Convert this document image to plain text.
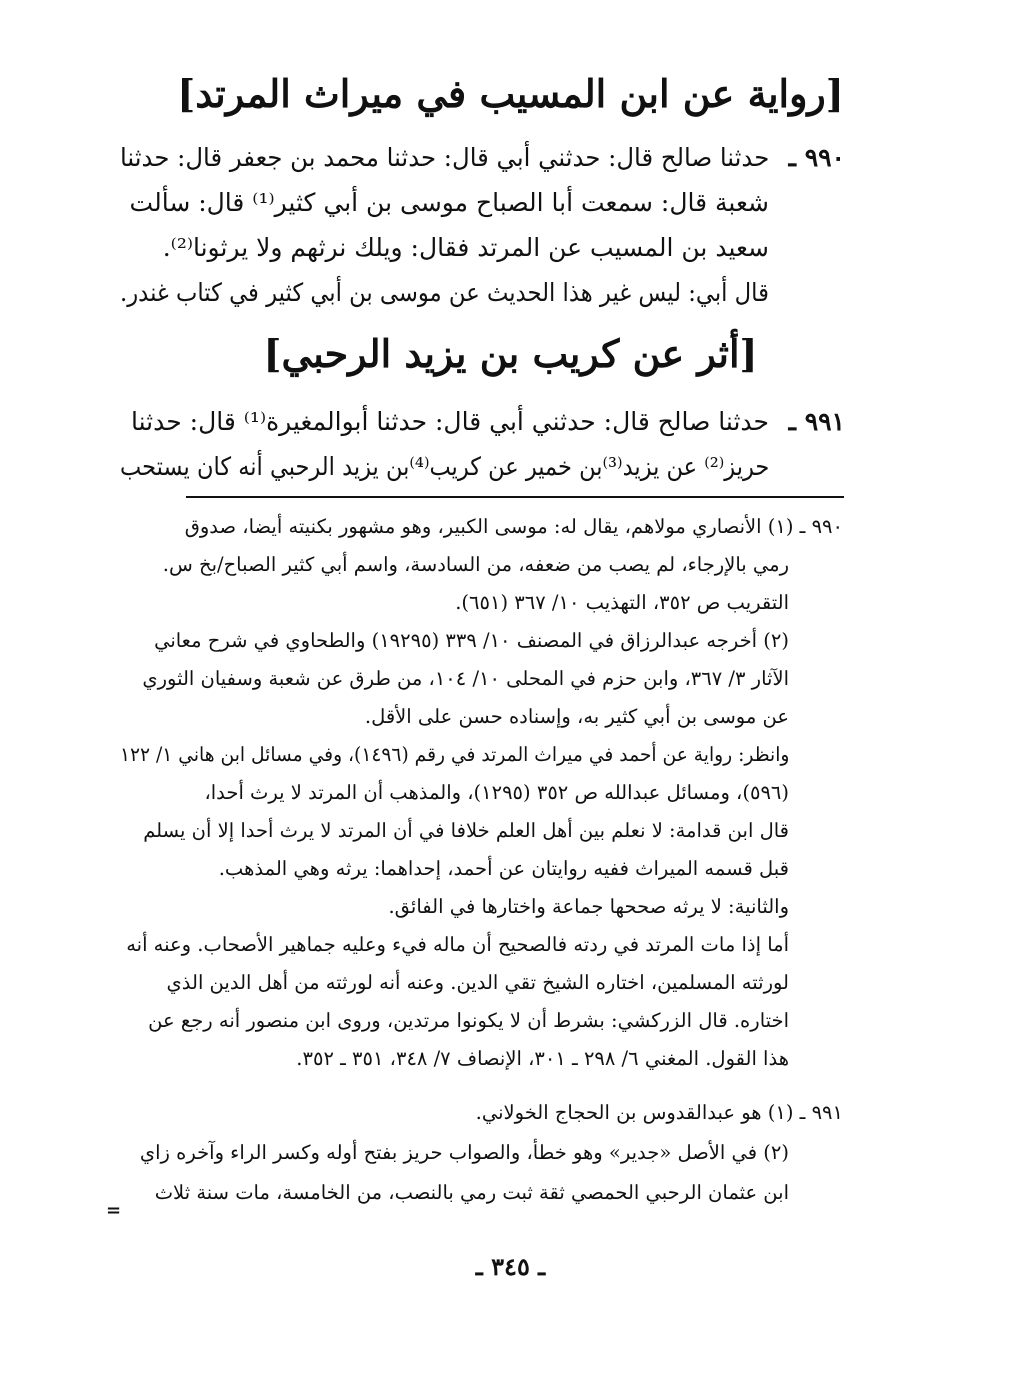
[رواية عن ابن المسيب في ميراث المرتد]
٩٩٠ ـ
حدثنا صالح قال: حدثني أبي قال: حدثنا محمد بن جعفر قال: حدثنا
شعبة قال: سمعت أبا الصباح موسى بن أبي كثير⁽¹⁾ قال: سألت
سعيد بن المسيب عن المرتد فقال: ويلك نرثهم ولا يرثونا⁽²⁾.
قال أبي: ليس غير هذا الحديث عن موسى بن أبي كثير في كتاب غندر.
[أثر عن كريب بن يزيد الرحبي]
٩٩١ ـ
حدثنا صالح قال: حدثني أبي قال: حدثنا أبوالمغيرة⁽¹⁾ قال: حدثنا
حريز⁽²⁾ عن يزيد⁽³⁾بن خمير عن كريب⁽⁴⁾بن يزيد الرحبي أنه كان يستحب
٩٩٠ ـ (١) الأنصاري مولاهم، يقال له: موسى الكبير، وهو مشهور بكنيته أيضا، صدوق
رمي بالإرجاء، لم يصب من ضعفه، من السادسة، واسم أبي كثير الصباح/بخ س.
التقريب ص ٣٥٢، التهذيب ١٠/ ٣٦٧ (٦٥١).
(٢) أخرجه عبدالرزاق في المصنف ١٠/ ٣٣٩ (١٩٢٩٥) والطحاوي في شرح معاني
الآثار ٣/ ٣٦٧، وابن حزم في المحلى ١٠/ ١٠٤، من طرق عن شعبة وسفيان الثوري
عن موسى بن أبي كثير به، وإسناده حسن على الأقل.
وانظر: رواية عن أحمد في ميراث المرتد في رقم (١٤٩٦)، وفي مسائل ابن هاني ١/ ١٢٢
(٥٩٦)، ومسائل عبدالله ص ٣٥٢ (١٢٩٥)، والمذهب أن المرتد لا يرث أحدا،
قال ابن قدامة: لا نعلم بين أهل العلم خلافا في أن المرتد لا يرث أحدا إلا أن يسلم
قبل قسمه الميراث ففيه روايتان عن أحمد، إحداهما: يرثه وهي المذهب.
والثانية: لا يرثه صححها جماعة واختارها في الفائق.
أما إذا مات المرتد في ردته فالصحيح أن ماله فيء وعليه جماهير الأصحاب. وعنه أنه
لورثته المسلمين، اختاره الشيخ تقي الدين. وعنه أنه لورثته من أهل الدين الذي
اختاره. قال الزركشي: بشرط أن لا يكونوا مرتدين، وروى ابن منصور أنه رجع عن
هذا القول. المغني ٦/ ٢٩٨ ـ ٣٠١، الإنصاف ٧/ ٣٤٨، ٣٥١ ـ ٣٥٢.
٩٩١ ـ (١) هو عبدالقدوس بن الحجاج الخولاني.
(٢) في الأصل «جدير» وهو خطأ، والصواب حريز بفتح أوله وكسر الراء وآخره زاي
ابن عثمان الرحبي الحمصي ثقة ثبت رمي بالنصب، من الخامسة، مات سنة ثلاث
=
ـ ٣٤٥ ـ
